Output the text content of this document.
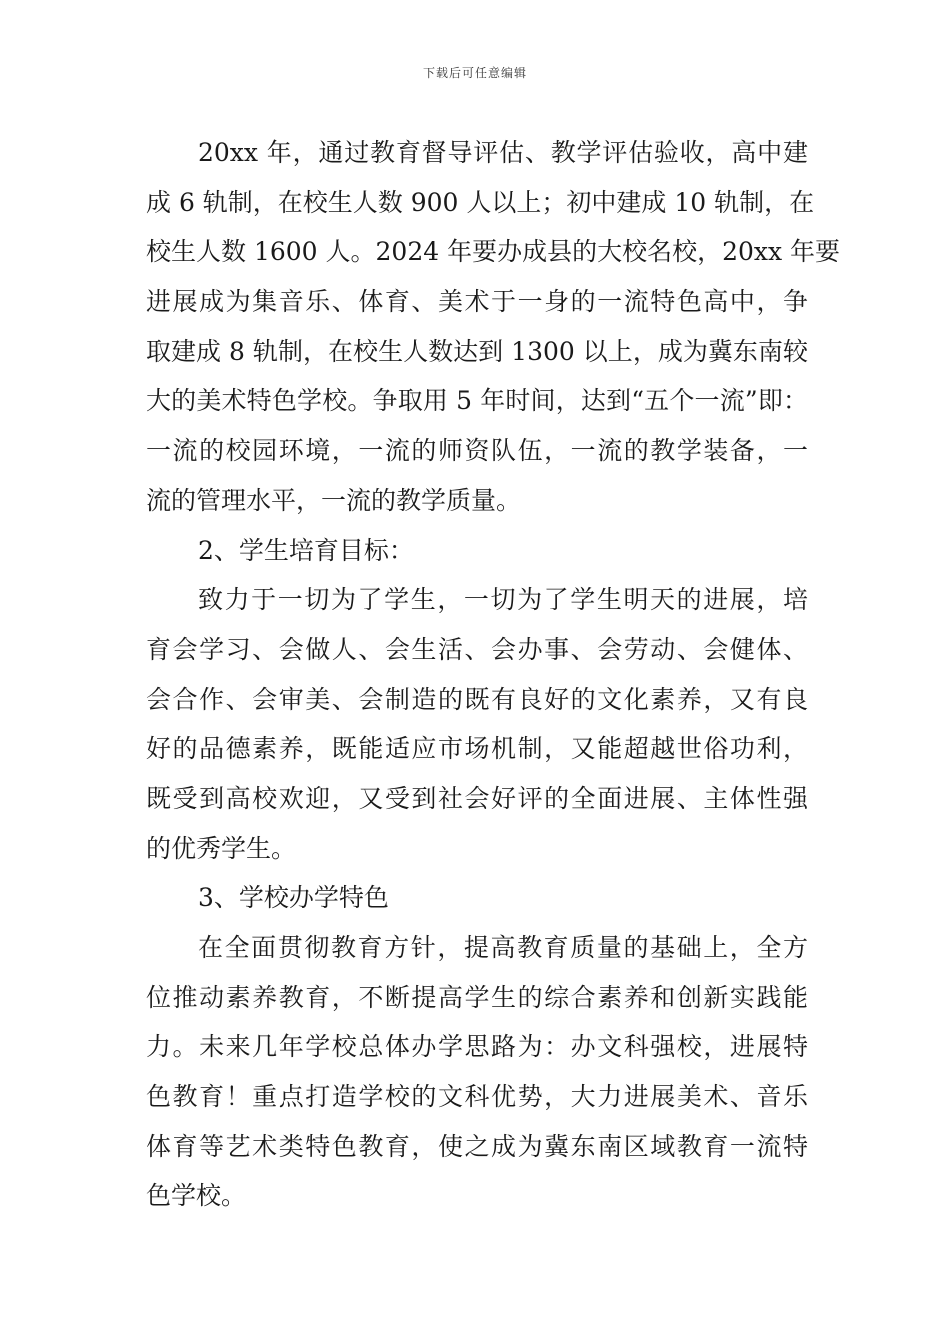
下载后可任意编辑
20xx 年，通过教育督导评估、教学评估验收，高中建
成 6 轨制，在校生人数 900 人以上；初中建成 10 轨制，在
校生人数 1600 人。2024 年要办成县的大校名校，20xx 年要
进展成为集音乐、体育、美术于一身的一流特色高中，争
取建成 8 轨制，在校生人数达到 1300 以上，成为冀东南较
大的美术特色学校。争取用 5 年时间，达到“五个一流”即：
一流的校园环境，一流的师资队伍，一流的教学装备，一
流的管理水平，一流的教学质量。
2、学生培育目标：
致力于一切为了学生，一切为了学生明天的进展，培
育会学习、会做人、会生活、会办事、会劳动、会健体、
会合作、会审美、会制造的既有良好的文化素养，又有良
好的品德素养，既能适应市场机制，又能超越世俗功利，
既受到高校欢迎，又受到社会好评的全面进展、主体性强
的优秀学生。
3、学校办学特色
在全面贯彻教育方针，提高教育质量的基础上，全方
位推动素养教育，不断提高学生的综合素养和创新实践能
力。未来几年学校总体办学思路为：办文科强校，进展特
色教育！重点打造学校的文科优势，大力进展美术、音乐
体育等艺术类特色教育，使之成为冀东南区域教育一流特
色学校。
